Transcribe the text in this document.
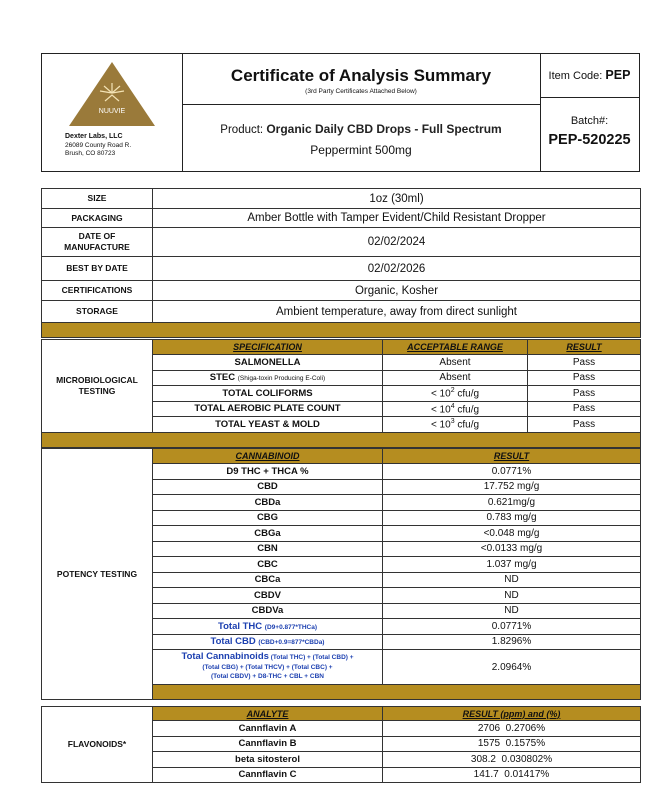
NUUVIE
Dexter Labs, LLC
26089 County Road R.
Brush, CO 80723
Certificate of Analysis Summary
(3rd Party Certificates Attached Below)
Product: Organic Daily CBD Drops - Full Spectrum
Peppermint 500mg
Item Code: PEP
Batch#:
PEP-520225
SIZE	1oz (30ml)
PACKAGING	Amber Bottle with Tamper Evident/Child Resistant Dropper
DATE OF MANUFACTURE	02/02/2024
BEST BY DATE	02/02/2026
CERTIFICATIONS	Organic, Kosher
STORAGE	Ambient temperature, away from direct sunlight

MICROBIOLOGICAL TESTING	SPECIFICATION	ACCEPTABLE RANGE	RESULT
	SALMONELLA	Absent	Pass
	STEC (Shiga-toxin Producing E-Coli)	Absent	Pass
	TOTAL COLIFORMS	< $10^2$ cfu/g	Pass
	TOTAL AEROBIC PLATE COUNT	< $10^4$ cfu/g	Pass
	TOTAL YEAST & MOLD	< $10^3$ cfu/g	Pass

POTENCY TESTING	CANNABINOID	RESULT
	D9 THC + THCA %	0.0771%
	CBD	17.752 mg/g
	CBDa	0.621mg/g
	CBG	0.783 mg/g
	CBGa	<0.048 mg/g
	CBN	<0.0133 mg/g
	CBC	1.037 mg/g
	CBCa	ND
	CBDV	ND
	CBDVa	ND
	Total THC (D9+0.877*THCa)	0.0771%
	Total CBD (CBD+0.9=877*CBDa)	1.8296%
	Total Cannabinoids (Total THC) + (Total CBD) +
(Total CBG) + (Total THCV) + (Total CBC) +
(Total CBDV) + D8-THC + CBL + CBN	2.0964%

FLAVONOIDS*	ANALYTE	RESULT (ppm) and (%)
	Cannflavin A	2706 0.2706%
	Cannflavin B	1575 0.1575%
	beta sitosterol	308.2 0.030802%
	Cannflavin C	141.7 0.01417%
